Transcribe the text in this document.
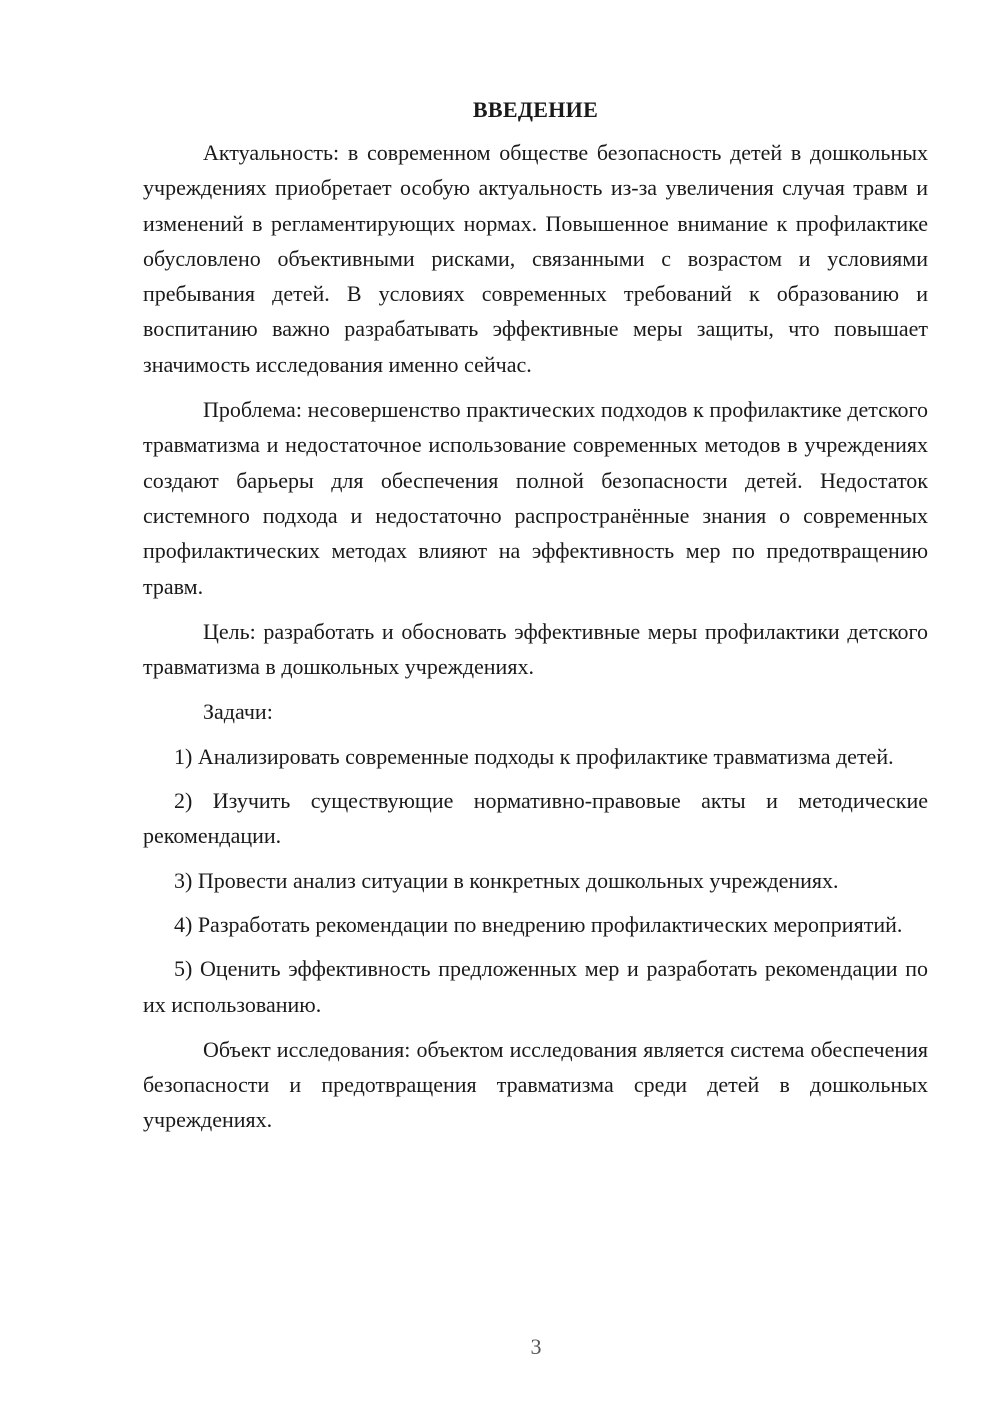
ВВЕДЕНИЕ

Актуальность: в современном обществе безопасность детей в дошкольных учреждениях приобретает особую актуальность из-за увеличения случая травм и изменений в регламентирующих нормах. Повышенное внимание к профилактике обусловлено объективными рисками, связанными с возрастом и условиями пребывания детей. В условиях современных требований к образованию и воспитанию важно разрабатывать эффективные меры защиты, что повышает значимость исследования именно сейчас.

Проблема: несовершенство практических подходов к профилактике детского травматизма и недостаточное использование современных методов в учреждениях создают барьеры для обеспечения полной безопасности детей. Недостаток системного подхода и недостаточно распространённые знания о современных профилактических методах влияют на эффективность мер по предотвращению травм.

Цель: разработать и обосновать эффективные меры профилактики детского травматизма в дошкольных учреждениях.

Задачи:

1) Анализировать современные подходы к профилактике травматизма детей.

2) Изучить существующие нормативно-правовые акты и методические рекомендации.

3) Провести анализ ситуации в конкретных дошкольных учреждениях.

4) Разработать рекомендации по внедрению профилактических мероприятий.

5) Оценить эффективность предложенных мер и разработать рекомендации по их использованию.

Объект исследования: объектом исследования является система обеспечения безопасности и предотвращения травматизма среди детей в дошкольных учреждениях.

3
